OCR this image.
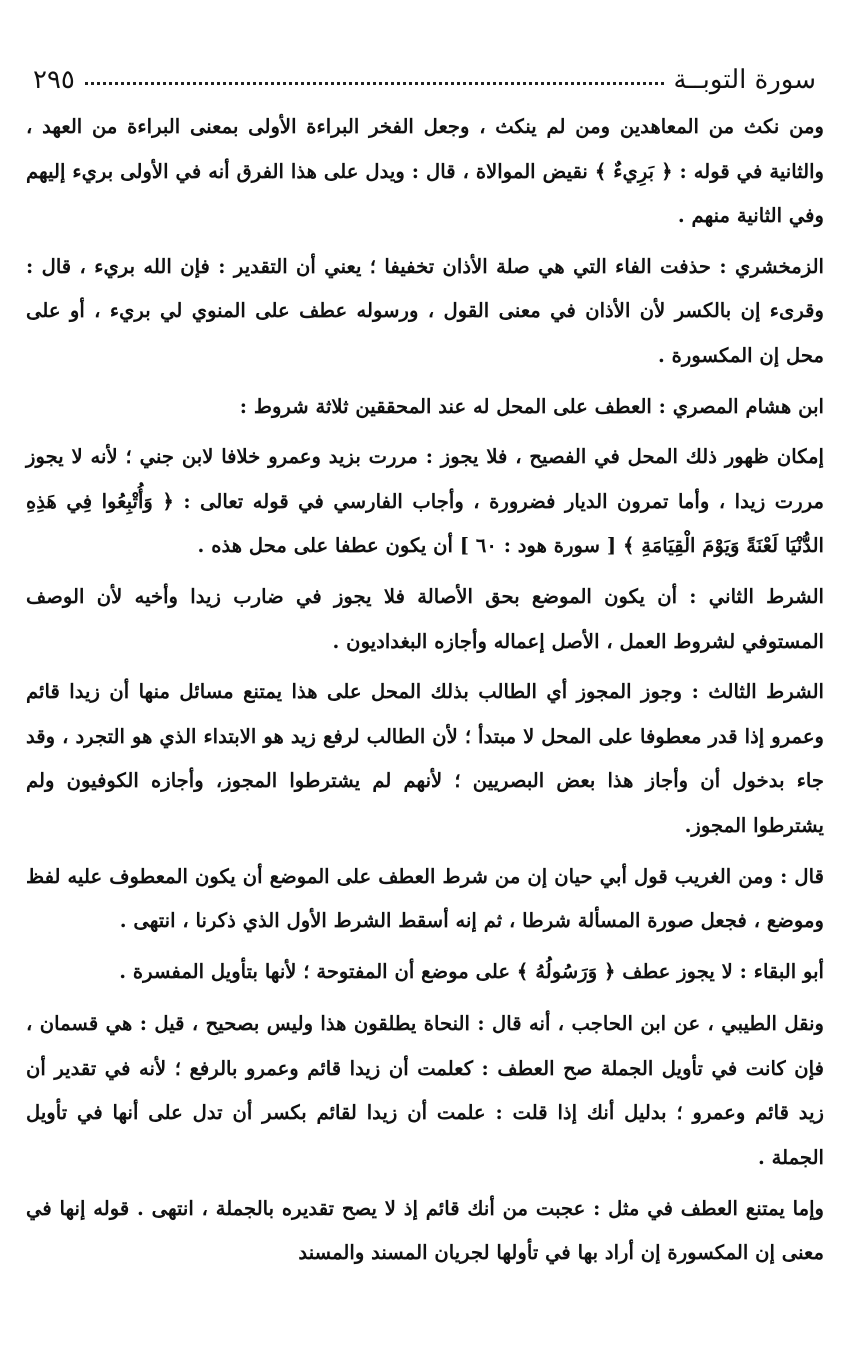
سورة التوبــة
٢٩٥

ومن نكث من المعاهدين ومن لم ينكث ، وجعل الفخر البراءة الأولى بمعنى البراءة من العهد ، والثانية في قوله : ﴿ بَرِيءٌ ﴾ نقيض الموالاة ، قال : ويدل على هذا الفرق أنه في الأولى بريء إليهم وفي الثانية منهم .

الزمخشري : حذفت الفاء التي هي صلة الأذان تخفيفا ؛ يعني أن التقدير : فإن الله بريء ، قال : وقرىء إن بالكسر لأن الأذان في معنى القول ، ورسوله عطف على المنوي لي بريء ، أو على محل إن المكسورة .

ابن هشام المصري : العطف على المحل له عند المحققين ثلاثة شروط :

إمكان ظهور ذلك المحل في الفصيح ، فلا يجوز : مررت بزيد وعمرو خلافا لابن جني ؛ لأنه لا يجوز مررت زيدا ، وأما تمرون الديار فضرورة ، وأجاب الفارسي في قوله تعالى : ﴿ وَأُتْبِعُوا فِي هَذِهِ الدُّنْيَا لَعْنَةً وَيَوْمَ الْقِيَامَةِ ﴾ [ سورة هود : ٦٠ ] أن يكون عطفا على محل هذه .

الشرط الثاني : أن يكون الموضع بحق الأصالة فلا يجوز في ضارب زيدا وأخيه لأن الوصف المستوفي لشروط العمل ، الأصل إعماله وأجازه البغداديون .

الشرط الثالث : وجوز المجوز أي الطالب بذلك المحل على هذا يمتنع مسائل منها أن زيدا قائم وعمرو إذا قدر معطوفا على المحل لا مبتدأ ؛ لأن الطالب لرفع زيد هو الابتداء الذي هو التجرد ، وقد جاء بدخول أن وأجاز هذا بعض البصريين ؛ لأنهم لم يشترطوا المجوز، وأجازه الكوفيون ولم يشترطوا المجوز.

قال : ومن الغريب قول أبي حيان إن من شرط العطف على الموضع أن يكون المعطوف عليه لفظ وموضع ، فجعل صورة المسألة شرطا ، ثم إنه أسقط الشرط الأول الذي ذكرنا ، انتهى .

أبو البقاء : لا يجوز عطف ﴿ وَرَسُولُهُ ﴾ على موضع أن المفتوحة ؛ لأنها بتأويل المفسرة .

ونقل الطيبي ، عن ابن الحاجب ، أنه قال : النحاة يطلقون هذا وليس بصحيح ، قيل : هي قسمان ، فإن كانت في تأويل الجملة صح العطف : كعلمت أن زيدا قائم وعمرو بالرفع ؛ لأنه في تقدير أن زيد قائم وعمرو ؛ بدليل أنك إذا قلت : علمت أن زيدا لقائم بكسر أن تدل على أنها في تأويل الجملة .

وإما يمتنع العطف في مثل : عجبت من أنك قائم إذ لا يصح تقديره بالجملة ، انتهى . قوله إنها في معنى إن المكسورة إن أراد بها في تأولها لجريان المسند والمسند
